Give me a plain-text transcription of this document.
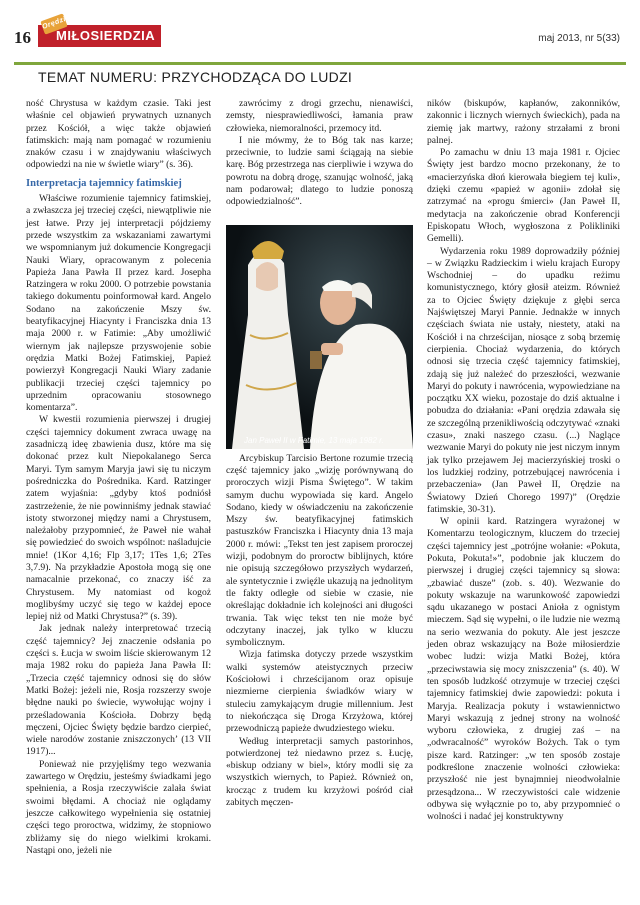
16
Orędzie
MIŁOSIERDZIA	maj 2013, nr 5(33)
TEMAT NUMERU: PRZYCHODZĄCA DO LUDZI

ność Chrystusa w każdym czasie. Taki jest właśnie cel objawień prywatnych uznanych przez Kościół, a więc także objawień fatimskich: mają nam pomagać w rozumieniu znaków czasu i w znajdywaniu właściwych odpowiedzi na nie w świetle wiary” (s. 36).

Interpretacja tajemnicy fatimskiej

Właściwe rozumienie tajemnicy fatimskiej, a zwłaszcza jej trzeciej części, niewątpliwie nie jest łatwe. Przy jej interpretacji pójdziemy przede wszystkim za wskazaniami zawartymi we wspomnianym już dokumencie Kongregacji Nauki Wiary, opracowanym z polecenia Papieża Jana Pawła II przez kard. Josepha Ratzingera w roku 2000. O potrzebie powstania takiego dokumentu poinformował kard. Angelo Sodano na zakończenie Mszy św. beatyfikacyjnej Hiacynty i Franciszka dnia 13 maja 2000 r. w Fatimie: „Aby umożliwić wiernym jak najlepsze przyswojenie sobie orędzia Matki Bożej Fatimskiej, Papież powierzył Kongregacji Nauki Wiary zadanie publikacji trzeciej części tajemnicy po uprzednim opracowaniu stosownego komentarza”.

W kwestii rozumienia pierwszej i drugiej części tajemnicy dokument zwraca uwagę na zasadniczą ideę zbawienia dusz, które ma się dokonać przez kult Niepokalanego Serca Maryi. Tym samym Maryja jawi się tu niczym pośredniczka do Pośrednika. Kard. Ratzinger zatem wyjaśnia: „gdyby ktoś podniósł zastrzeżenie, że nie powinniśmy jednak stawiać istoty stworzonej między nami a Chrystusem, należałoby przypomnieć, że Paweł nie wahał się powiedzieć do swoich wspólnot: naśladujcie mnie! (1Kor 4,16; Flp 3,17; 1Tes 1,6; 2Tes 3,7.9). Na przykładzie Apostoła mogą się one namacalnie przekonać, co znaczy iść za Chrystusem. My natomiast od kogoż moglibyśmy uczyć się tego w każdej epoce lepiej niż od Matki Chrystusa?” (s. 39).

Jak jednak należy interpretować trzecią część tajemnicy? Jej znaczenie odsłania po części s. Łucja w swoim liście skierowanym 12 maja 1982 roku do papieża Jana Pawła II: „Trzecia część tajemnicy odnosi się do słów Matki Bożej: jeżeli nie, Rosja rozszerzy swoje błędne nauki po świecie, wywołując wojny i prześladowania Kościoła. Dobrzy będą męczeni, Ojciec Święty będzie bardzo cierpieć, wiele narodów zostanie zniszczonych’ (13 VII 1917)...

Ponieważ nie przyjęliśmy tego wezwania zawartego w Orędziu, jesteśmy świadkami jego spełnienia, a Rosja rzeczywiście zalała świat swoimi błędami. A chociaż nie oglądamy jeszcze całkowitego wypełnienia się ostatniej części tego proroctwa, widzimy, że stopniowo zbliżamy się do niego wielkimi krokami. Nastąpi ono, jeżeli nie

zawrócimy z drogi grzechu, nienawiści, zemsty, niesprawiedliwości, łamania praw człowieka, niemoralności, przemocy itd.

I nie mówmy, że to Bóg tak nas karze; przeciwnie, to ludzie sami ściągają na siebie karę. Bóg przestrzega nas cierpliwie i wzywa do powrotu na dobrą drogę, szanując wolność, jaką nam podarował; dlatego to ludzie ponoszą odpowiedzialność”.

Arcybiskup Tarcisio Bertone rozumie trzecią część tajemnicy jako „wizję porównywaną do proroczych wizji Pisma Świętego”. W takim samym duchu wypowiada się kard. Angelo Sodano, kiedy w oświadczeniu na zakończenie Mszy św. beatyfikacyjnej fatimskich pastuszków Franciszka i Hiacynty dnia 13 maja 2000 r. mówi: „Tekst ten jest zapisem proroczej wizji, podobnym do proroctw biblijnych, które nie opisują szczegółowo przyszłych wydarzeń, ale syntetycznie i zwięźle ukazują na jednolitym tle fakty odległe od siebie w czasie, nie określając dokładnie ich kolejności ani długości trwania. Tak więc tekst ten nie może być odczytany inaczej, jak tylko w kluczu symbolicznym.

Wizja fatimska dotyczy przede wszystkim walki systemów ateistycznych przeciw Kościołowi i chrześcijanom oraz opisuje niezmierne cierpienia świadków wiary w stuleciu zamykającym drugie millennium. Jest to niekończąca się Droga Krzyżowa, której przewodniczą papieże dwudziestego wieku.

Według interpretacji samych pastorinhos, potwierdzonej też niedawno przez s. Łucję, «biskup odziany w biel», który modli się za wszystkich wiernych, to Papież. Również on, krocząc z trudem ku krzyżowi pośród ciał zabitych męczen-

Jan Paweł II w Fatimie, 13 maja 1982 r.

ników (biskupów, kapłanów, zakonników, zakonnic i licznych wiernych świeckich), pada na ziemię jak martwy, rażony strzałami z broni palnej.

Po zamachu w dniu 13 maja 1981 r. Ojciec Święty jest bardzo mocno przekonany, że to «macierzyńska dłoń kierowała biegiem tej kuli», dzięki czemu «papież w agonii» zdołał się zatrzymać na «progu śmierci» (Jan Paweł II, medytacja na zakończenie obrad Konferencji Episkopatu Włoch, wygłoszona z Polikliniki Gemelli).

Wydarzenia roku 1989 doprowadziły później – w Związku Radzieckim i wielu krajach Europy Wschodniej – do upadku reżimu komunistycznego, który głosił ateizm. Również za to Ojciec Święty dziękuje z głębi serca Najświętszej Maryi Pannie. Jednakże w innych częściach świata nie ustały, niestety, ataki na Kościół i na chrześcijan, niosące z sobą brzemię cierpienia. Chociaż wydarzenia, do których odnosi się trzecia część tajemnicy fatimskiej, zdają się już należeć do przeszłości, wezwanie Maryi do pokuty i nawrócenia, wypowiedziane na początku XX wieku, pozostaje do dziś aktualne i pobudza do działania: «Pani orędzia zdawała się ze szczególną przenikliwością odczytywać «znaki czasu», znaki naszego czasu. (...) Naglące wezwanie Maryi do pokuty nie jest niczym innym jak tylko przejawem Jej macierzyńskiej troski o los ludzkiej rodziny, potrzebującej nawrócenia i przebaczenia» (Jan Paweł II, Orędzie na Światowy Dzień Chorego 1997)” (Orędzie fatimskie, 30-31).

W opinii kard. Ratzingera wyrażonej w Komentarzu teologicznym, kluczem do trzeciej części tajemnicy jest „potrójne wołanie: «Pokuta, Pokuta, Pokuta!»”, podobnie jak kluczem do pierwszej i drugiej części tajemnicy są słowa: „zbawiać dusze” (zob. s. 40). Wezwanie do pokuty wskazuje na warunkowość zapowiedzi sądu ukazanego w postaci Anioła z ognistym mieczem. Sąd się wypełni, o ile ludzie nie wezmą na serio wezwania do pokuty. Ale jest jeszcze jeden obraz wskazujący na Boże miłosierdzie wobec ludzi: wizja Matki Bożej, która „przeciwstawia się mocy zniszczenia” (s. 40). W ten sposób ludzkość otrzymuje w trzeciej części tajemnicy fatimskiej dwie zapowiedzi: pokuta i Maryja. Realizacja pokuty i wstawiennictwo Maryi wskazują z jednej strony na wolność wyboru człowieka, z drugiej zaś – na „odwracalność” wyroków Bożych. Tak o tym pisze kard. Ratzinger: „w ten sposób zostaje podkreślone znaczenie wolności człowieka: przyszłość nie jest bynajmniej nieodwołalnie przesądzona... W rzeczywistości cale widzenie odbywa się wyłącznie po to, aby przypomnieć o wolności i nadać jej konstruktywny
